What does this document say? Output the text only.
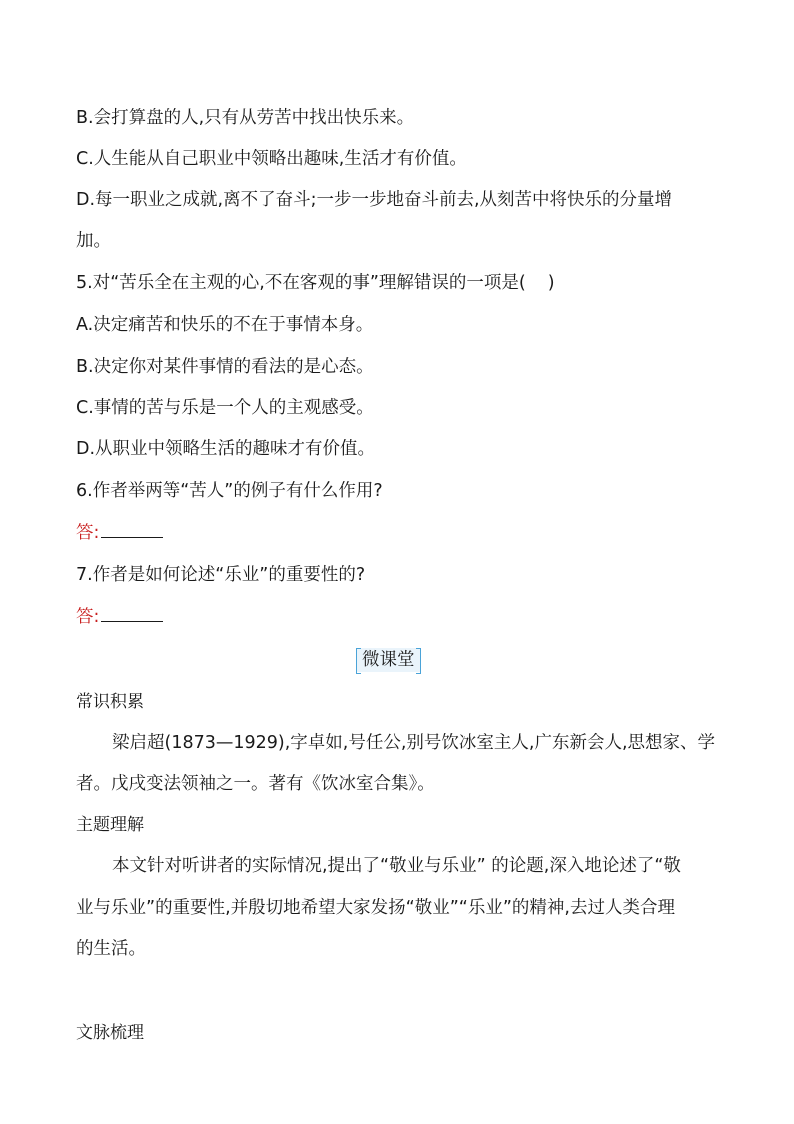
B.会打算盘的人,只有从劳苦中找出快乐来。
C.人生能从自己职业中领略出趣味,生活才有价值。
D.每一职业之成就,离不了奋斗;一步一步地奋斗前去,从刻苦中将快乐的分量增
加。
5.对“苦乐全在主观的心,不在客观的事”理解错误的一项是( )
A.决定痛苦和快乐的不在于事情本身。
B.决定你对某件事情的看法的是心态。
C.事情的苦与乐是一个人的主观感受。
D.从职业中领略生活的趣味才有价值。
6.作者举两等“苦人”的例子有什么作用?
答:
7.作者是如何论述“乐业”的重要性的?
答:
微课堂
常识积累
梁启超(1873—1929),字卓如,号任公,别号饮冰室主人,广东新会人,思想家、学
者。戊戌变法领袖之一。著有《饮冰室合集》。
主题理解
本文针对听讲者的实际情况,提出了“敬业与乐业” 的论题,深入地论述了“敬
业与乐业”的重要性,并殷切地希望大家发扬“敬业”“乐业”的精神,去过人类合理
的生活。
文脉梳理
